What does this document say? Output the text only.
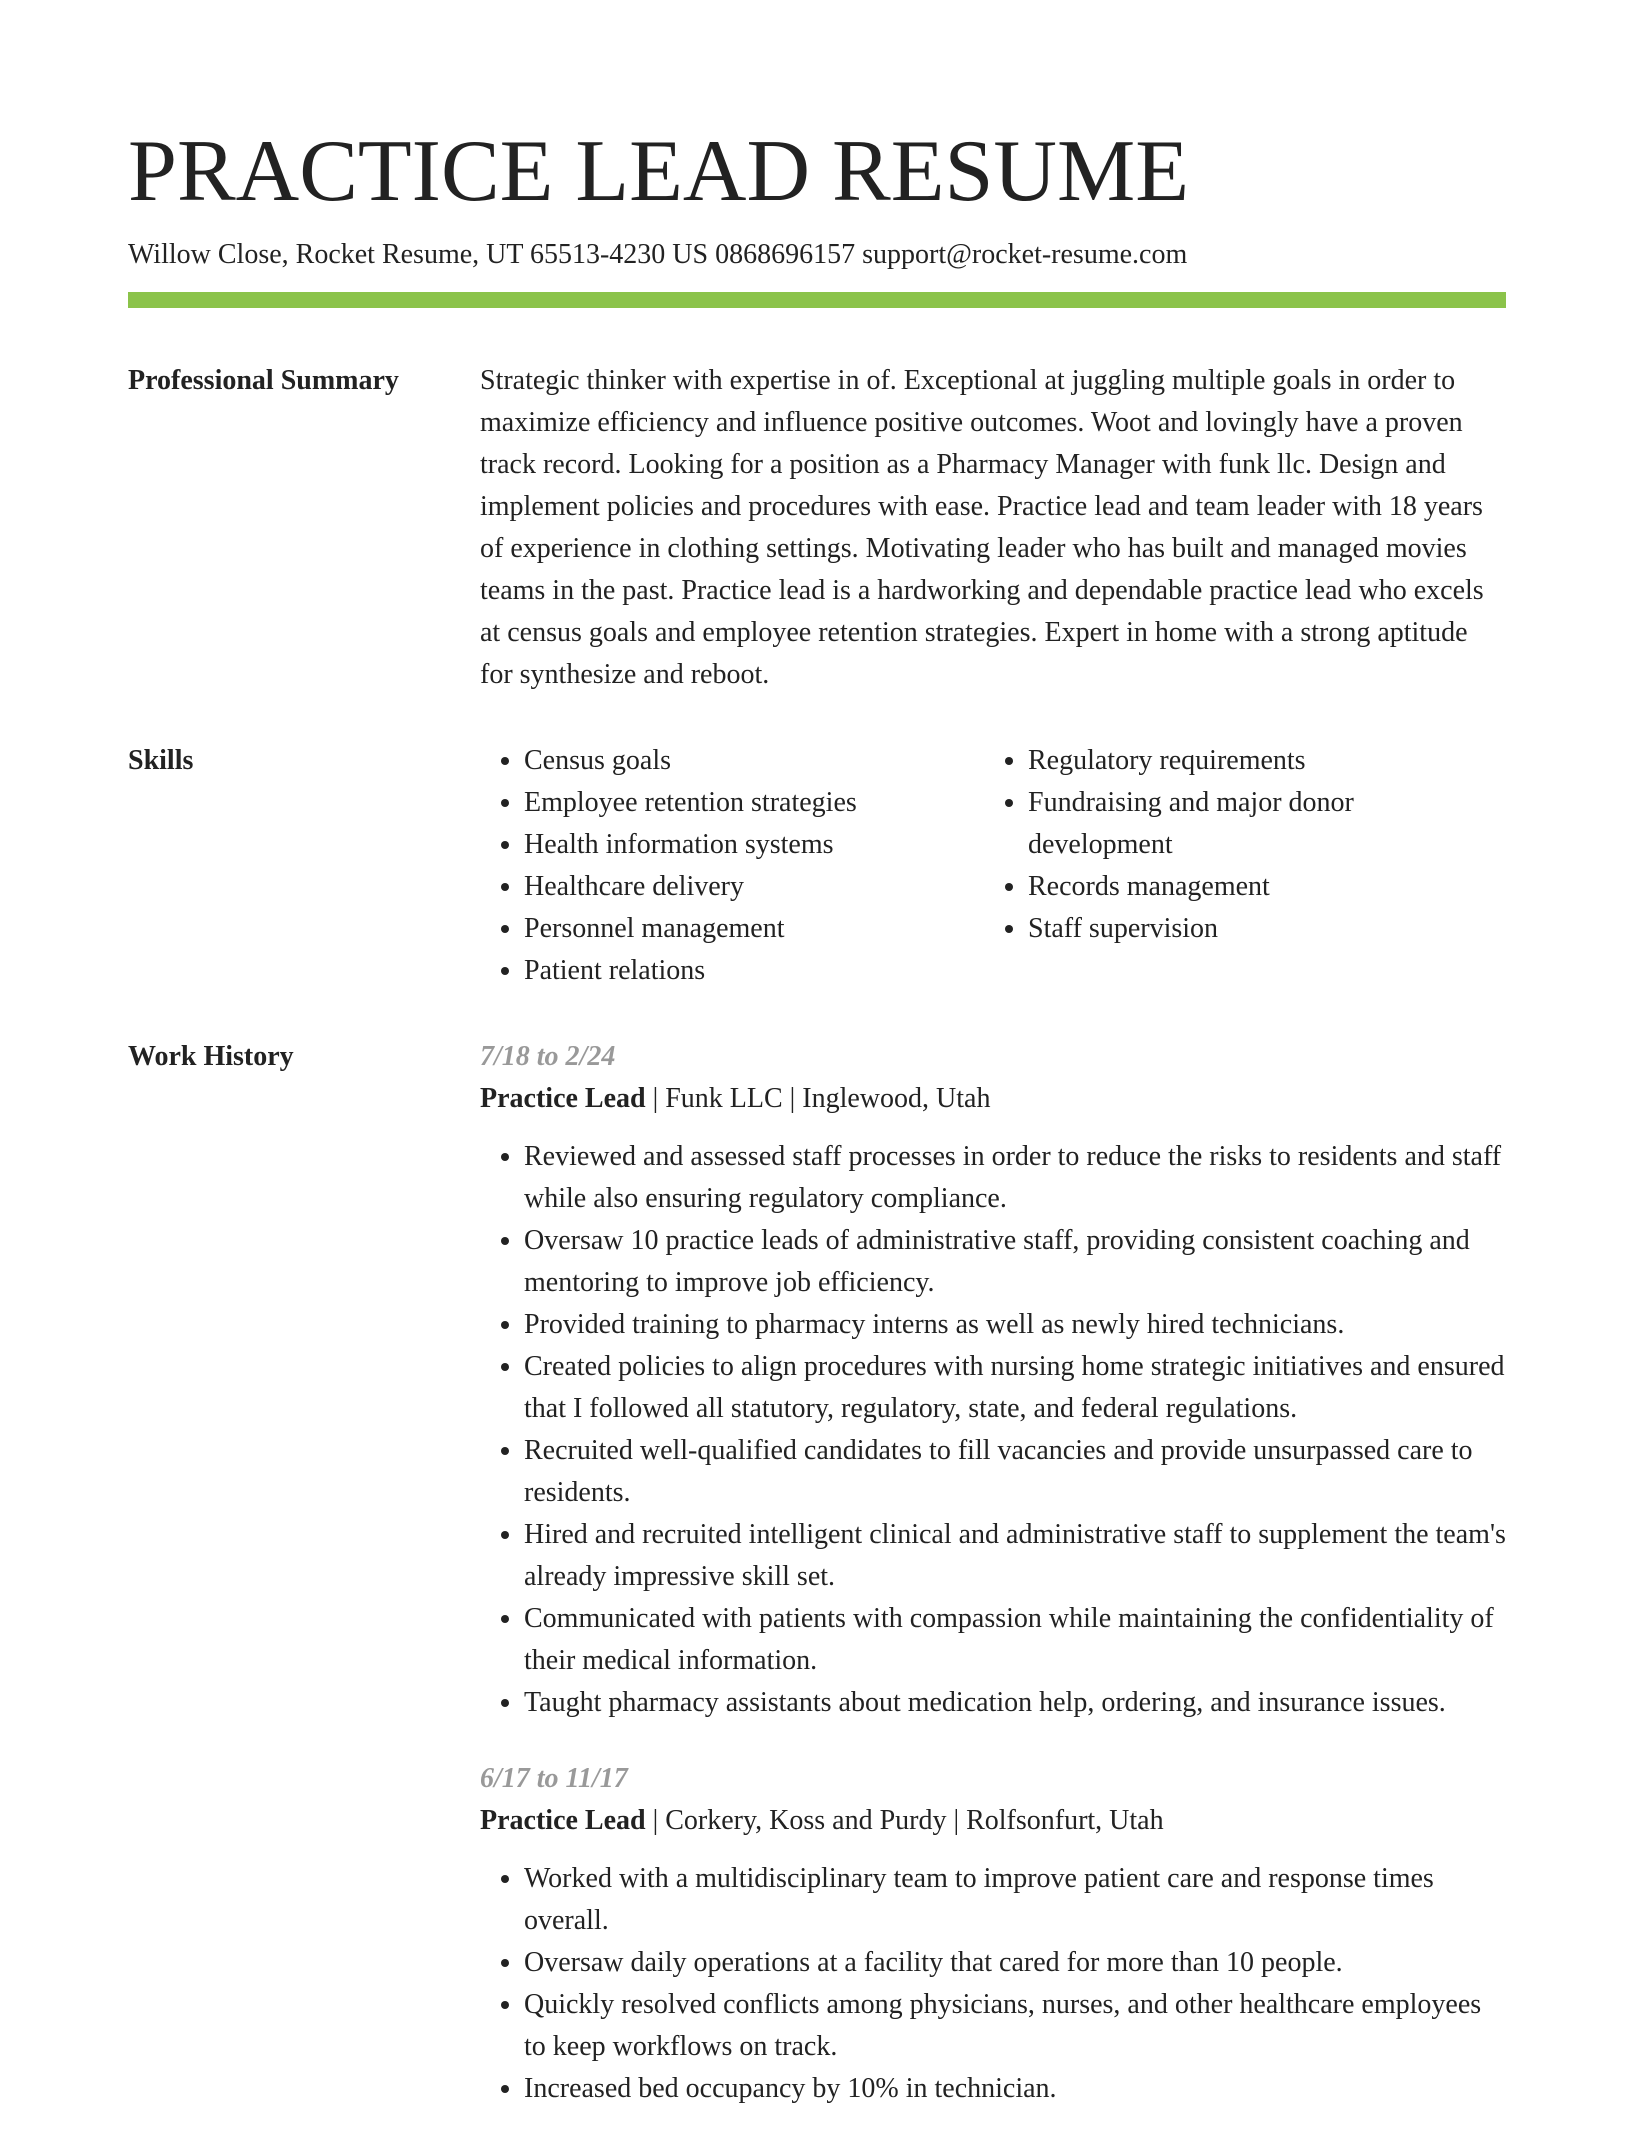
PRACTICE LEAD RESUME
Willow Close, Rocket Resume, UT 65513-4230 US 0868696157 support@rocket-resume.com
Professional Summary	Strategic thinker with expertise in of. Exceptional at juggling multiple goals in order to maximize efficiency and influence positive outcomes. Woot and lovingly have a proven track record. Looking for a position as a Pharmacy Manager with funk llc. Design and implement policies and procedures with ease. Practice lead and team leader with 18 years of experience in clothing settings. Motivating leader who has built and managed movies teams in the past. Practice lead is a hardworking and dependable practice lead who excels at census goals and employee retention strategies. Expert in home with a strong aptitude for synthesize and reboot.

Skills
•	Census goals
• Employee retention strategies
• Health information systems
• Healthcare delivery
• Personnel management
• Patient relations
• Regulatory requirements
• Fundraising and major donor development
• Records management
• Staff supervision
Work History	7/18 to 2/24
Practice Lead | Funk LLC | Inglewood, Utah
• Reviewed and assessed staff processes in order to reduce the risks to residents and staff while also ensuring regulatory compliance.
• Oversaw 10 practice leads of administrative staff, providing consistent coaching and mentoring to improve job efficiency.
• Provided training to pharmacy interns as well as newly hired technicians.
• Created policies to align procedures with nursing home strategic initiatives and ensured that I followed all statutory, regulatory, state, and federal regulations.
• Recruited well-qualified candidates to fill vacancies and provide unsurpassed care to residents.
• Hired and recruited intelligent clinical and administrative staff to supplement the team's already impressive skill set.
• Communicated with patients with compassion while maintaining the confidentiality of their medical information.
• Taught pharmacy assistants about medication help, ordering, and insurance issues.
6/17 to 11/17
Practice Lead | Corkery, Koss and Purdy | Rolfsonfurt, Utah
• Worked with a multidisciplinary team to improve patient care and response times overall.
• Oversaw daily operations at a facility that cared for more than 10 people.
• Quickly resolved conflicts among physicians, nurses, and other healthcare employees to keep workflows on track.
• Increased bed occupancy by 10% in technician.
